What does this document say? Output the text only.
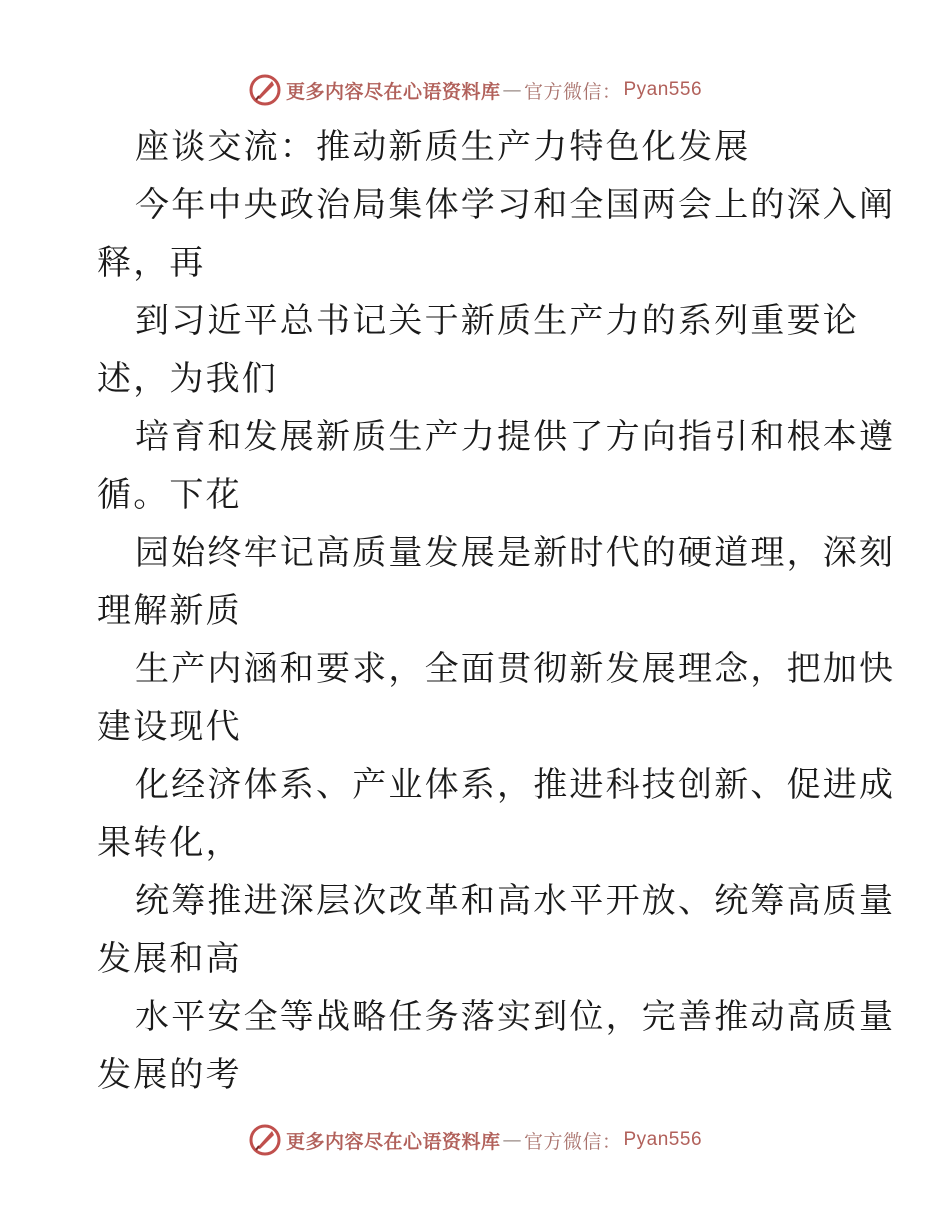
更多内容尽在心语资料库 — 官方微信： Pyan556

座谈交流：推动新质生产力特色化发展

今年中央政治局集体学习和全国两会上的深入阐

释，再

到习近平总书记关于新质生产力的系列重要论

述，为我们

培育和发展新质生产力提供了方向指引和根本遵

循。下花

园始终牢记高质量发展是新时代的硬道理，深刻

理解新质

生产内涵和要求，全面贯彻新发展理念，把加快

建设现代

化经济体系、产业体系，推进科技创新、促进成

果转化，

统筹推进深层次改革和高水平开放、统筹高质量

发展和高

水平安全等战略任务落实到位，完善推动高质量

发展的考

更多内容尽在心语资料库 — 官方微信： Pyan556
